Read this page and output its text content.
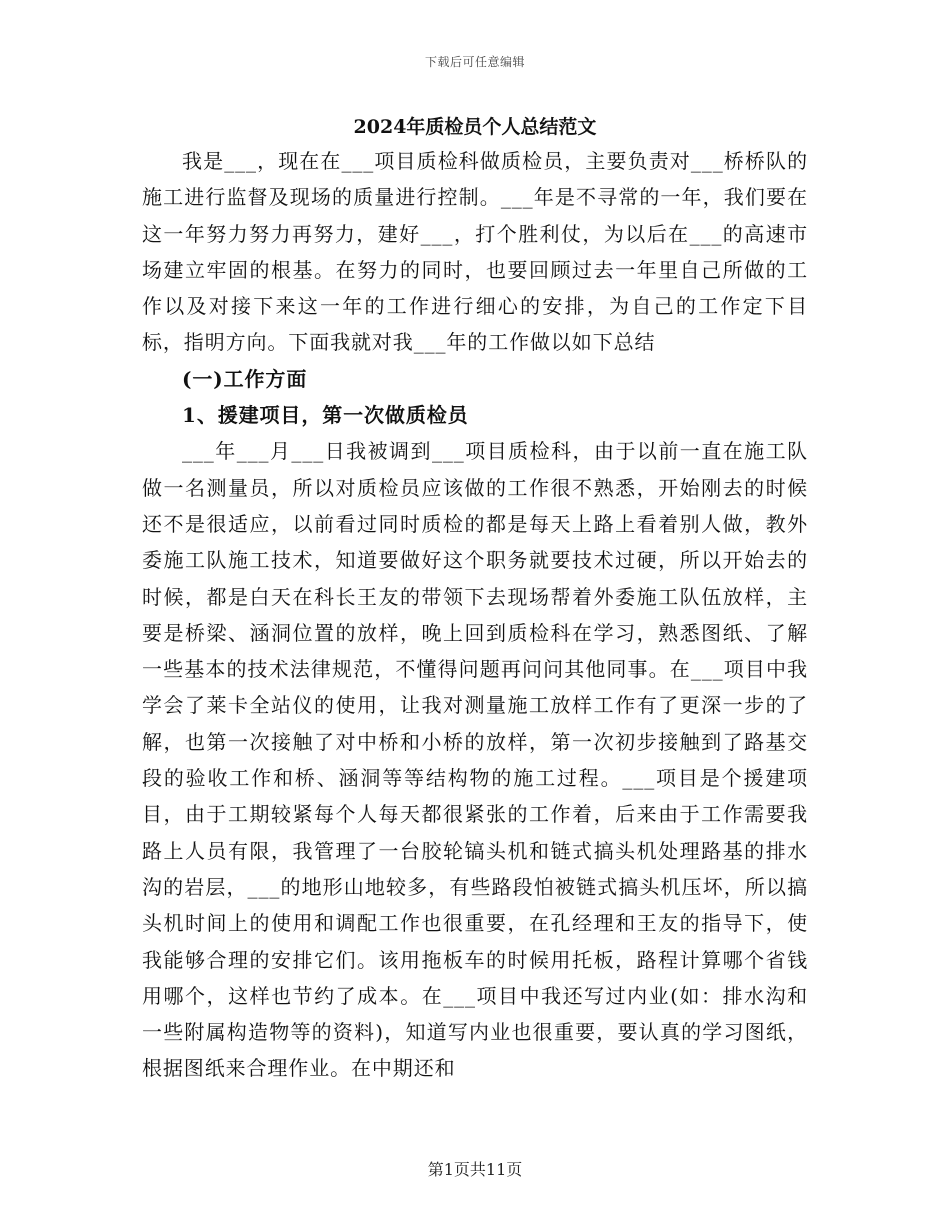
下载后可任意编辑
2024年质检员个人总结范文

我是___，现在在___项目质检科做质检员，主要负责对___桥桥队的施工进行监督及现场的质量进行控制。___年是不寻常的一年，我们要在这一年努力努力再努力，建好___，打个胜利仗，为以后在___的高速市场建立牢固的根基。在努力的同时，也要回顾过去一年里自己所做的工作以及对接下来这一年的工作进行细心的安排，为自己的工作定下目标，指明方向。下面我就对我___年的工作做以如下总结

(一)工作方面

1、援建项目，第一次做质检员

___年___月___日我被调到___项目质检科，由于以前一直在施工队做一名测量员，所以对质检员应该做的工作很不熟悉，开始刚去的时候还不是很适应，以前看过同时质检的都是每天上路上看着别人做，教外委施工队施工技术，知道要做好这个职务就要技术过硬，所以开始去的时候，都是白天在科长王友的带领下去现场帮着外委施工队伍放样，主要是桥梁、涵洞位置的放样，晚上回到质检科在学习，熟悉图纸、了解一些基本的技术法律规范，不懂得问题再问问其他同事。在___项目中我学会了莱卡全站仪的使用，让我对测量施工放样工作有了更深一步的了解，也第一次接触了对中桥和小桥的放样，第一次初步接触到了路基交段的验收工作和桥、涵洞等等结构物的施工过程。___项目是个援建项目，由于工期较紧每个人每天都很紧张的工作着，后来由于工作需要我路上人员有限，我管理了一台胶轮镐头机和链式搞头机处理路基的排水沟的岩层，___的地形山地较多，有些路段怕被链式搞头机压坏，所以搞头机时间上的使用和调配工作也很重要，在孔经理和王友的指导下，使我能够合理的安排它们。该用拖板车的时候用托板，路程计算哪个省钱用哪个，这样也节约了成本。在___项目中我还写过内业(如：排水沟和一些附属构造物等的资料)，知道写内业也很重要，要认真的学习图纸，根据图纸来合理作业。在中期还和

第1页共11页
